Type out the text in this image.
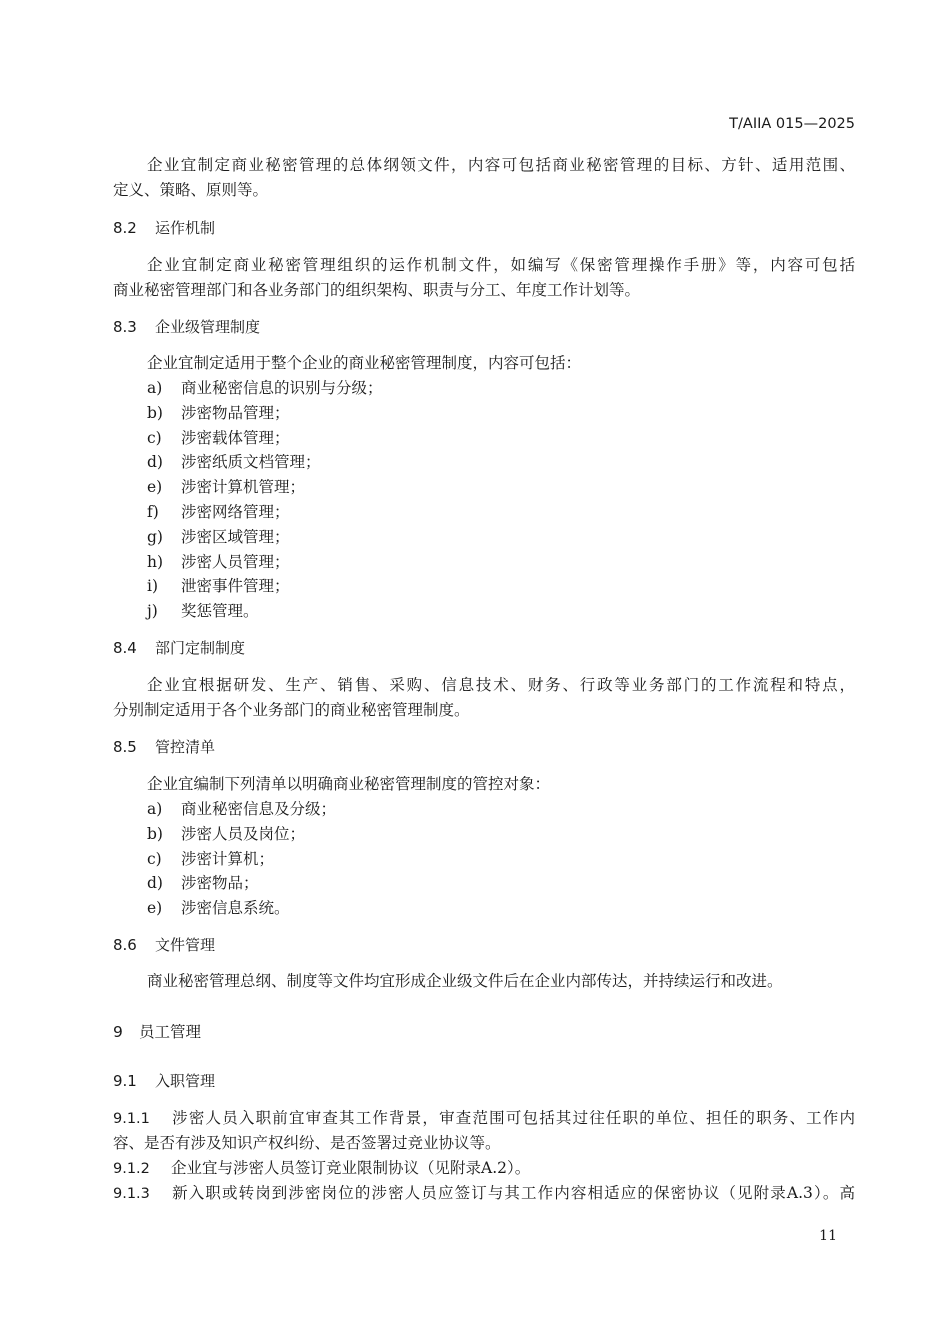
T/AIIA 015—2025
企业宜制定商业秘密管理的总体纲领文件，内容可包括商业秘密管理的目标、方针、适用范围、
定义、策略、原则等。
8.2 运作机制
企业宜制定商业秘密管理组织的运作机制文件，如编写《保密管理操作手册》等，内容可包括
商业秘密管理部门和各业务部门的组织架构、职责与分工、年度工作计划等。
8.3 企业级管理制度
企业宜制定适用于整个企业的商业秘密管理制度，内容可包括：
a) 商业秘密信息的识别与分级；
b) 涉密物品管理；
c) 涉密载体管理；
d) 涉密纸质文档管理；
e) 涉密计算机管理；
f) 涉密网络管理；
g) 涉密区域管理；
h) 涉密人员管理；
i) 泄密事件管理；
j) 奖惩管理。
8.4 部门定制制度
企业宜根据研发、生产、销售、采购、信息技术、财务、行政等业务部门的工作流程和特点，
分别制定适用于各个业务部门的商业秘密管理制度。
8.5 管控清单
企业宜编制下列清单以明确商业秘密管理制度的管控对象：
a) 商业秘密信息及分级；
b) 涉密人员及岗位；
c) 涉密计算机；
d) 涉密物品；
e) 涉密信息系统。
8.6 文件管理
商业秘密管理总纲、制度等文件均宜形成企业级文件后在企业内部传达，并持续运行和改进。
9 员工管理
9.1 入职管理
9.1.1 涉密人员入职前宜审查其工作背景，审查范围可包括其过往任职的单位、担任的职务、工作内
容、是否有涉及知识产权纠纷、是否签署过竞业协议等。
9.1.2 企业宜与涉密人员签订竞业限制协议（见附录A.2）。
9.1.3 新入职或转岗到涉密岗位的涉密人员应签订与其工作内容相适应的保密协议（见附录A.3）。高
11
